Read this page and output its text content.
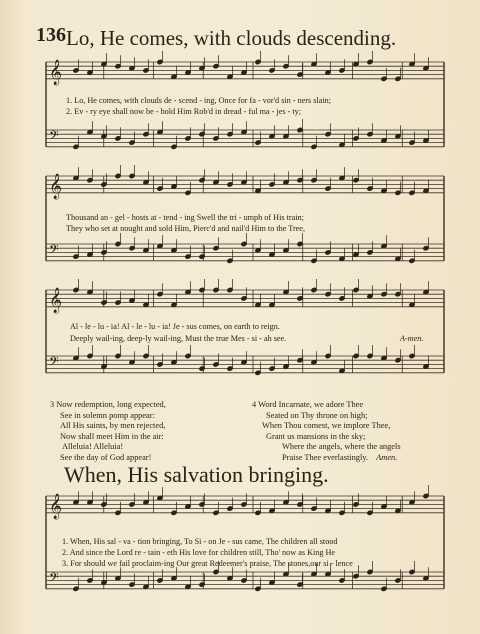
136 Lo, He comes, with clouds descending.
𝄞
𝄢
𝄞
𝄢
𝄞
𝄢
𝄞
𝄢
1. Lo, He comes, with clouds de - scend - ing, Once for fa - vor'd sin - ners slain;
2. Ev - ry eye shall now be - hold Him Rob'd in dread - ful ma - jes - ty;
Thousand an - gel - hosts at - tend - ing Swell the tri - umph of His train;
They who set at nought and sold Him, Pierc'd and nail'd Him to the Tree,
Al - le - lu - ia! Al - le - lu - ia! Je - sus comes, on earth to reign.
Deeply wail-ing, deep-ly wail-ing, Must the true Mes - si - ah see.	A-men.
3 Now redemption, long expected,
See in solemn pomp appear:
All His saints, by men rejected,
Now shall meet Him in the air:
Alleluia! Alleluia!
See the day of God appear!
4 Word Incarnate, we adore Thee
Seated on Thy throne on high;
When Thou comest, we implore Thee,
Grant us mansions in the sky;
Where the angels, where the angels
Praise Thee everlastingly. Amen.
When, His salvation bringing.
1. When, His sal - va - tion bringing, To Si - on Je - sus came, The children all stood
2. And since the Lord re - tain - eth His love for children still, Tho' now as King He
3. For should we fail proclaim-ing Our great Redeemer's praise, The stones,our si - lence
